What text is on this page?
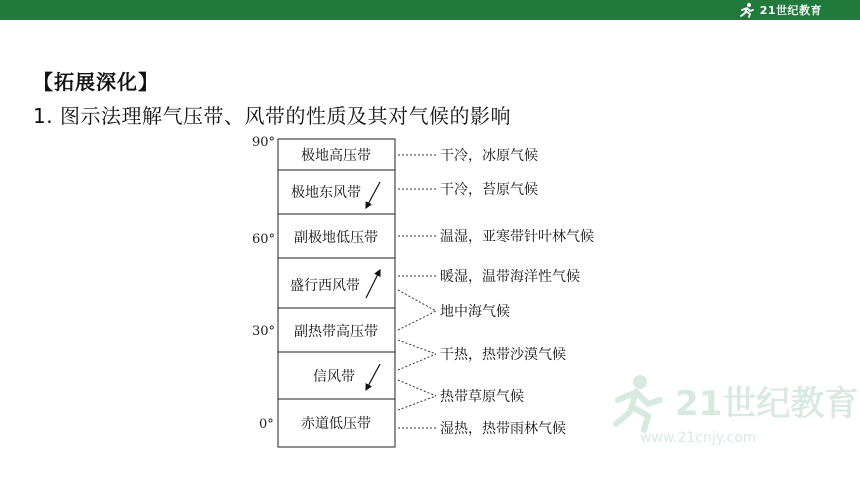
21世纪教育
【拓展深化】
1. 图示法理解气压带、风带的性质及其对气候的影响
90°
60°
30°
0°
极地高压带
极地东风带
副极地低压带
盛行西风带
副热带高压带
信风带
赤道低压带
干冷，冰原气候
干冷，苔原气候
温湿，亚寒带针叶林气候
暖湿，温带海洋性气候
地中海气候
干热，热带沙漠气候
热带草原气候
湿热，热带雨林气候
21世纪教育
www.21cnjy.com
